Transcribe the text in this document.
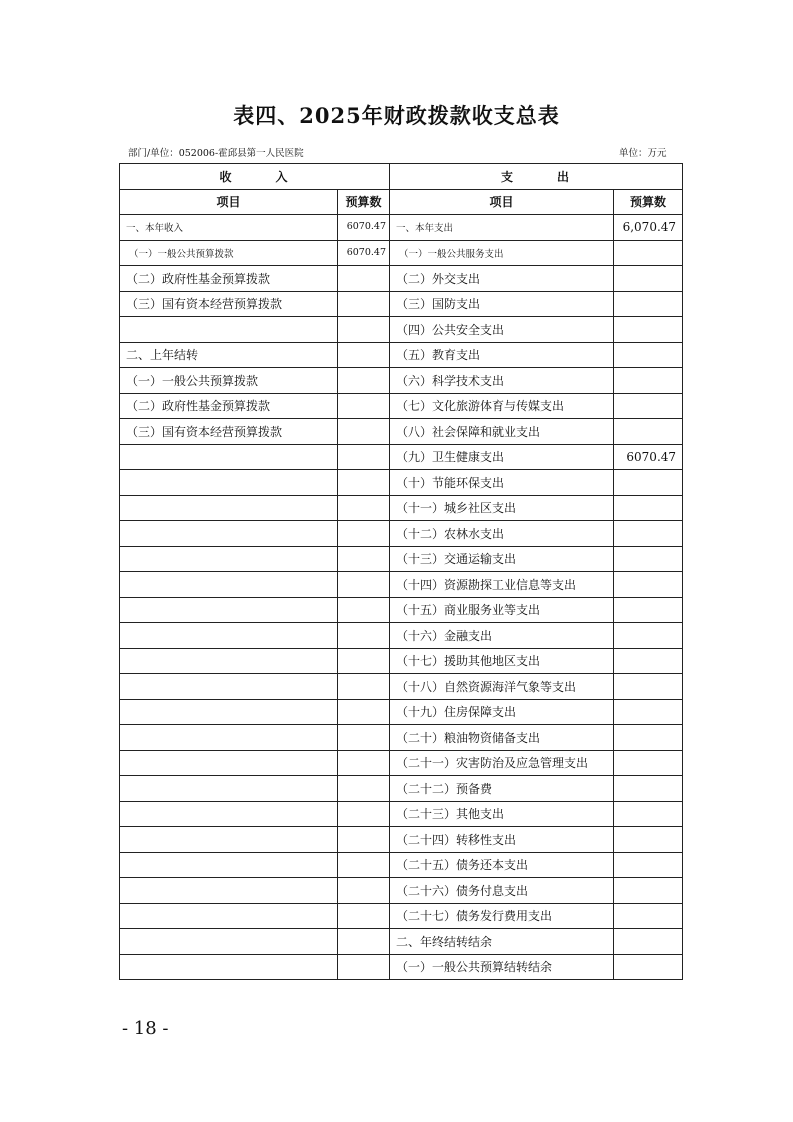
表四、2025年财政拨款收支总表
部门/单位：052006-霍邱县第一人民医院	单位：万元
收　　　入		支　　　出	
项目	预算数	项目	预算数
一、本年收入	6070.47	一、本年支出	6,070.47
（一）一般公共预算拨款	6070.47	（一）一般公共服务支出	
（二）政府性基金预算拨款		（二）外交支出	
（三）国有资本经营预算拨款		（三）国防支出	
		（四）公共安全支出	
二、上年结转		（五）教育支出	
（一）一般公共预算拨款		（六）科学技术支出	
（二）政府性基金预算拨款		（七）文化旅游体育与传媒支出	
（三）国有资本经营预算拨款		（八）社会保障和就业支出	
		（九）卫生健康支出	6070.47
		（十）节能环保支出	
		（十一）城乡社区支出	
		（十二）农林水支出	
		（十三）交通运输支出	
		（十四）资源勘探工业信息等支出	
		（十五）商业服务业等支出	
		（十六）金融支出	
		（十七）援助其他地区支出	
		（十八）自然资源海洋气象等支出	
		（十九）住房保障支出	
		（二十）粮油物资储备支出	
		（二十一）灾害防治及应急管理支出	
		（二十二）预备费	
		（二十三）其他支出	
		（二十四）转移性支出	
		（二十五）债务还本支出	
		（二十六）债务付息支出	
		（二十七）债务发行费用支出	
		二、年终结转结余	
		（一）一般公共预算结转结余	
- 18 -
